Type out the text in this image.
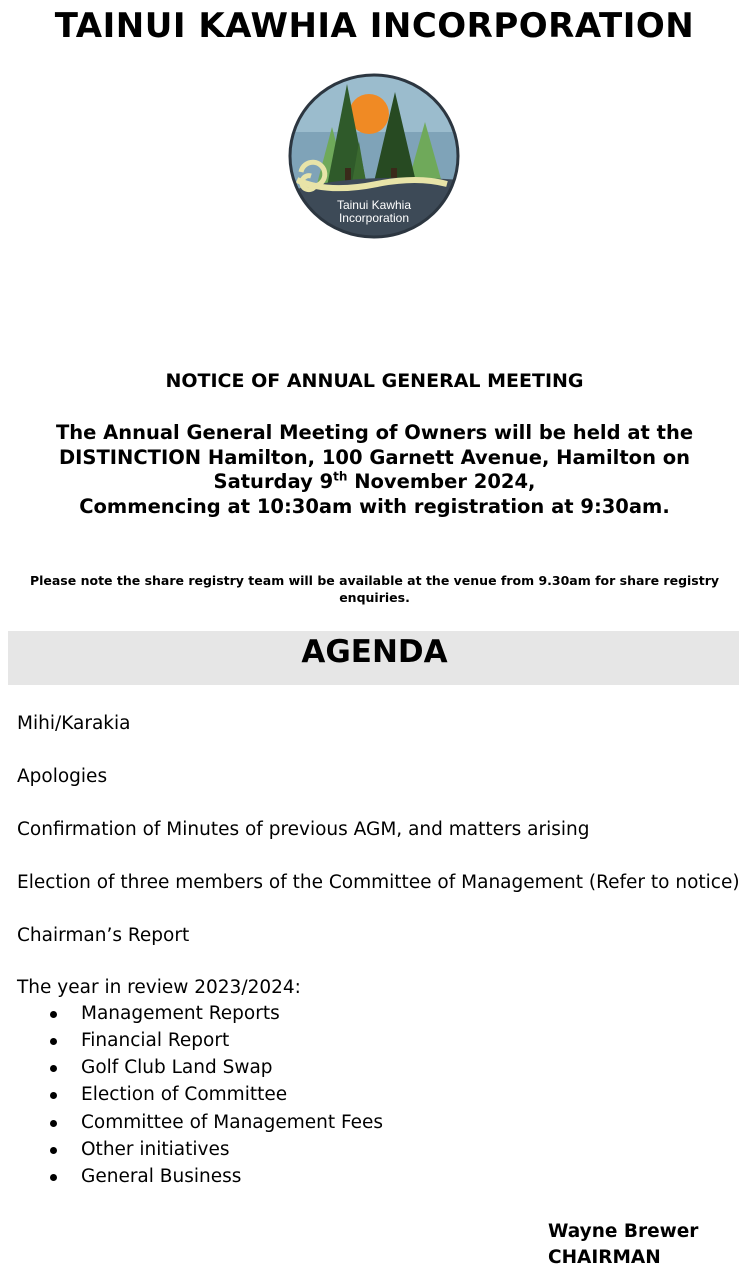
TAINUI KAWHIA INCORPORATION
Tainui Kawhia
Incorporation
NOTICE OF ANNUAL GENERAL MEETING
The Annual General Meeting of Owners will be held at the
DISTINCTION Hamilton, 100 Garnett Avenue, Hamilton on
Saturday 9th November 2024,
Commencing at 10:30am with registration at 9:30am.
Please note the share registry team will be available at the venue from 9.30am for share registry enquiries.
AGENDA
Mihi/Karakia
Apologies
Confirmation of Minutes of previous AGM, and matters arising
Election of three members of the Committee of Management (Refer to notice)
Chairman’s Report
The year in review 2023/2024:
Management Reports
Financial Report
Golf Club Land Swap
Election of Committee
Committee of Management Fees
Other initiatives
General Business
Wayne Brewer
CHAIRMAN
